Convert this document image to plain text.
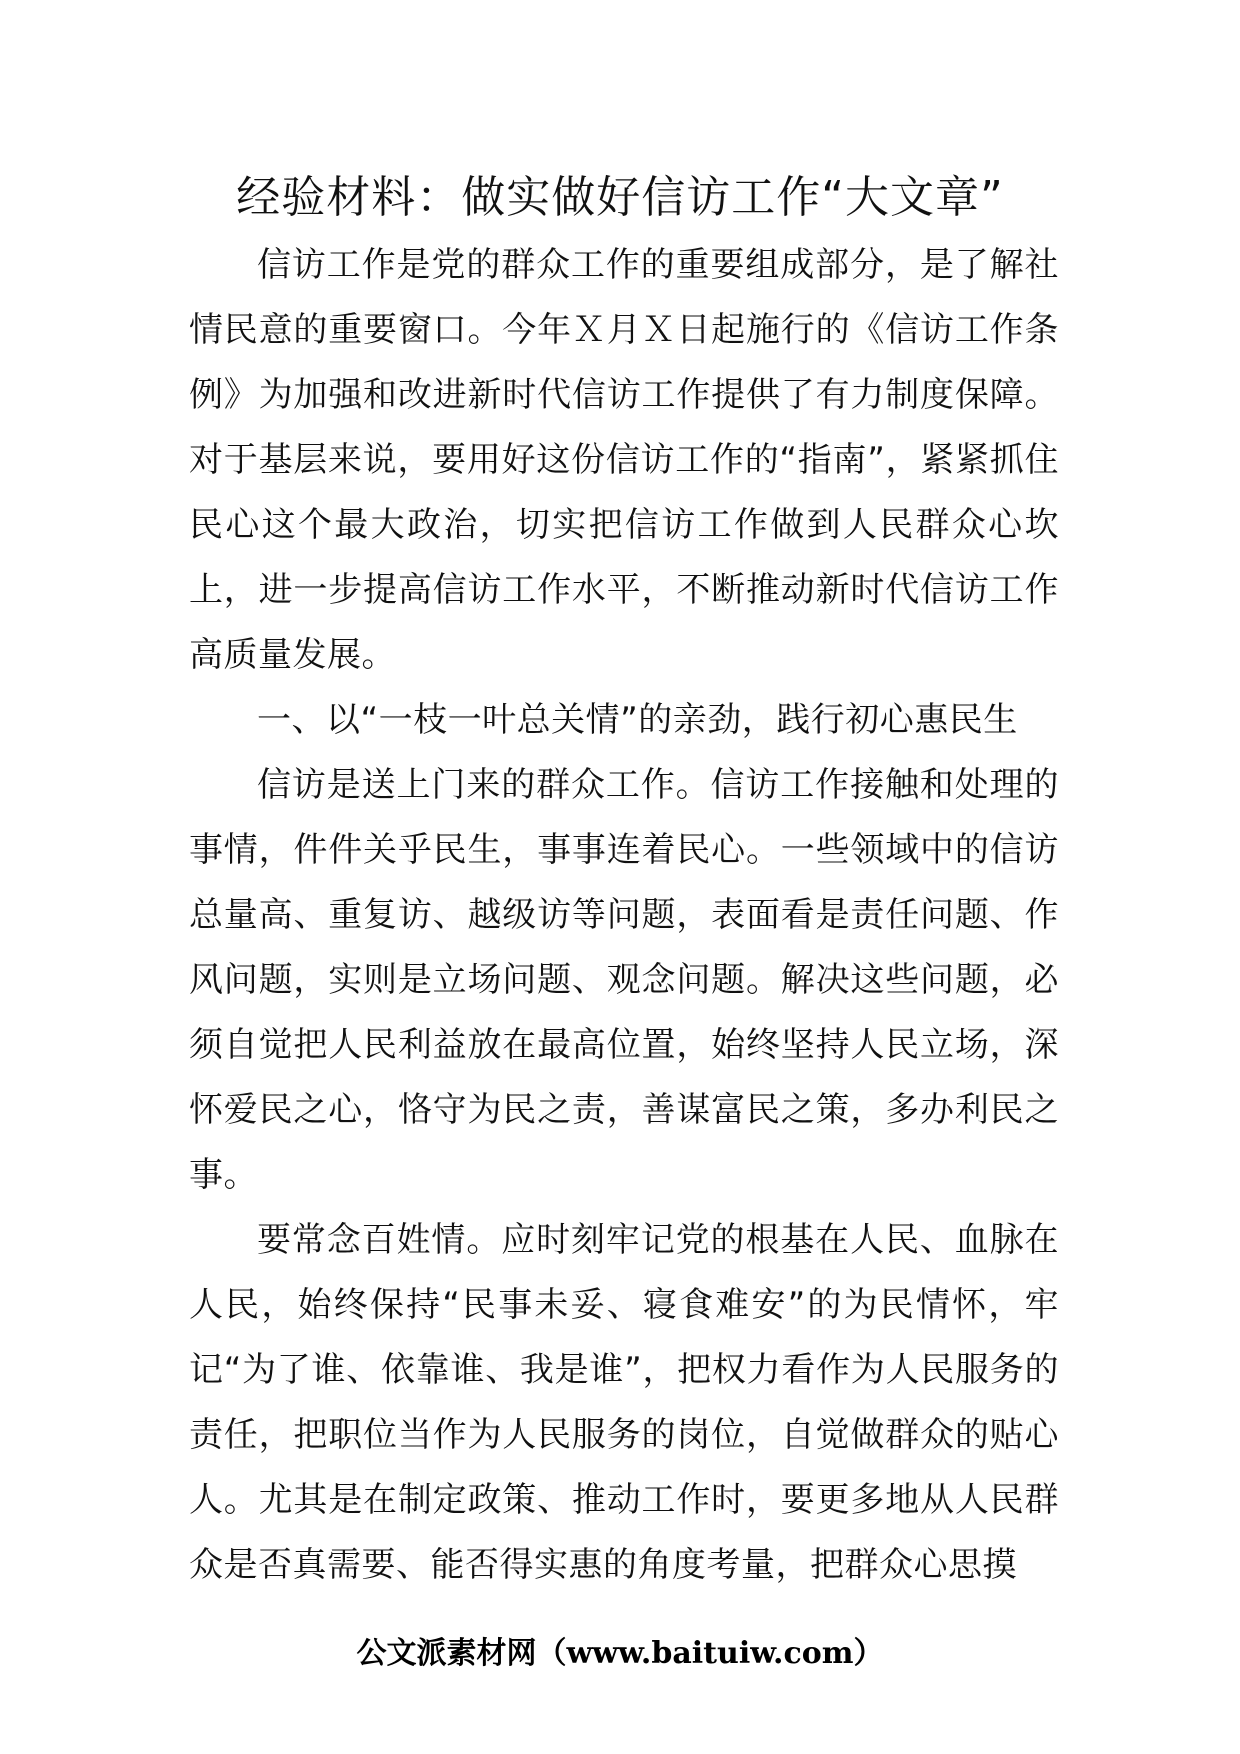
经验材料：做实做好信访工作“大文章”

信访工作是党的群众工作的重要组成部分，是了解社情民意的重要窗口。今年Ｘ月Ｘ日起施行的《信访工作条例》为加强和改进新时代信访工作提供了有力制度保障。对于基层来说，要用好这份信访工作的“指南”，紧紧抓住民心这个最大政治，切实把信访工作做到人民群众心坎上，进一步提高信访工作水平，不断推动新时代信访工作高质量发展。

一、以“一枝一叶总关情”的亲劲，践行初心惠民生

信访是送上门来的群众工作。信访工作接触和处理的事情，件件关乎民生，事事连着民心。一些领域中的信访总量高、重复访、越级访等问题，表面看是责任问题、作风问题，实则是立场问题、观念问题。解决这些问题，必须自觉把人民利益放在最高位置，始终坚持人民立场，深怀爱民之心，恪守为民之责，善谋富民之策，多办利民之事。

要常念百姓情。应时刻牢记党的根基在人民、血脉在人民，始终保持“民事未妥、寝食难安”的为民情怀，牢记“为了谁、依靠谁、我是谁”，把权力看作为人民服务的责任，把职位当作为人民服务的岗位，自觉做群众的贴心人。尤其是在制定政策、推动工作时，要更多地从人民群众是否真需要、能否得实惠的角度考量，把群众心思摸

公文派素材网（www.baituiw.com）
